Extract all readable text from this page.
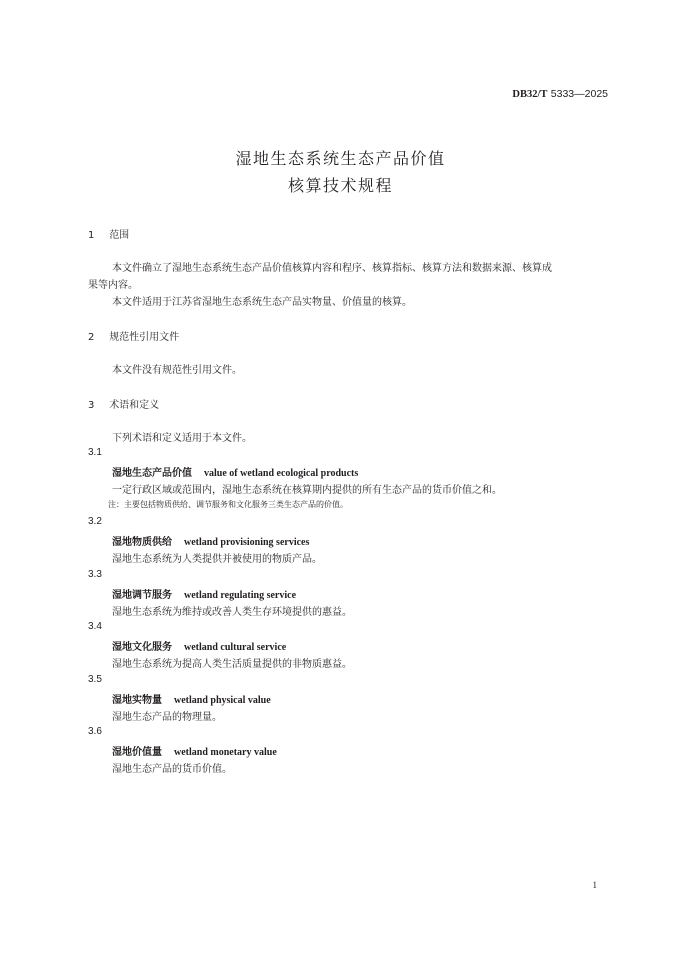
DB32/T 5333—2025
湿地生态系统生态产品价值
核算技术规程
1 范围
本文件确立了湿地生态系统生态产品价值核算内容和程序、核算指标、核算方法和数据来源、核算成
果等内容。
本文件适用于江苏省湿地生态系统生态产品实物量、价值量的核算。
2 规范性引用文件
本文件没有规范性引用文件。
3 术语和定义
下列术语和定义适用于本文件。
3.1
湿地生态产品价值 value of wetland ecological products
一定行政区域或范围内，湿地生态系统在核算期内提供的所有生态产品的货币价值之和。
注：主要包括物质供给、调节服务和文化服务三类生态产品的价值。
3.2
湿地物质供给 wetland provisioning services
湿地生态系统为人类提供并被使用的物质产品。
3.3
湿地调节服务 wetland regulating service
湿地生态系统为维持或改善人类生存环境提供的惠益。
3.4
湿地文化服务 wetland cultural service
湿地生态系统为提高人类生活质量提供的非物质惠益。
3.5
湿地实物量 wetland physical value
湿地生态产品的物理量。
3.6
湿地价值量 wetland monetary value
湿地生态产品的货币价值。
1
